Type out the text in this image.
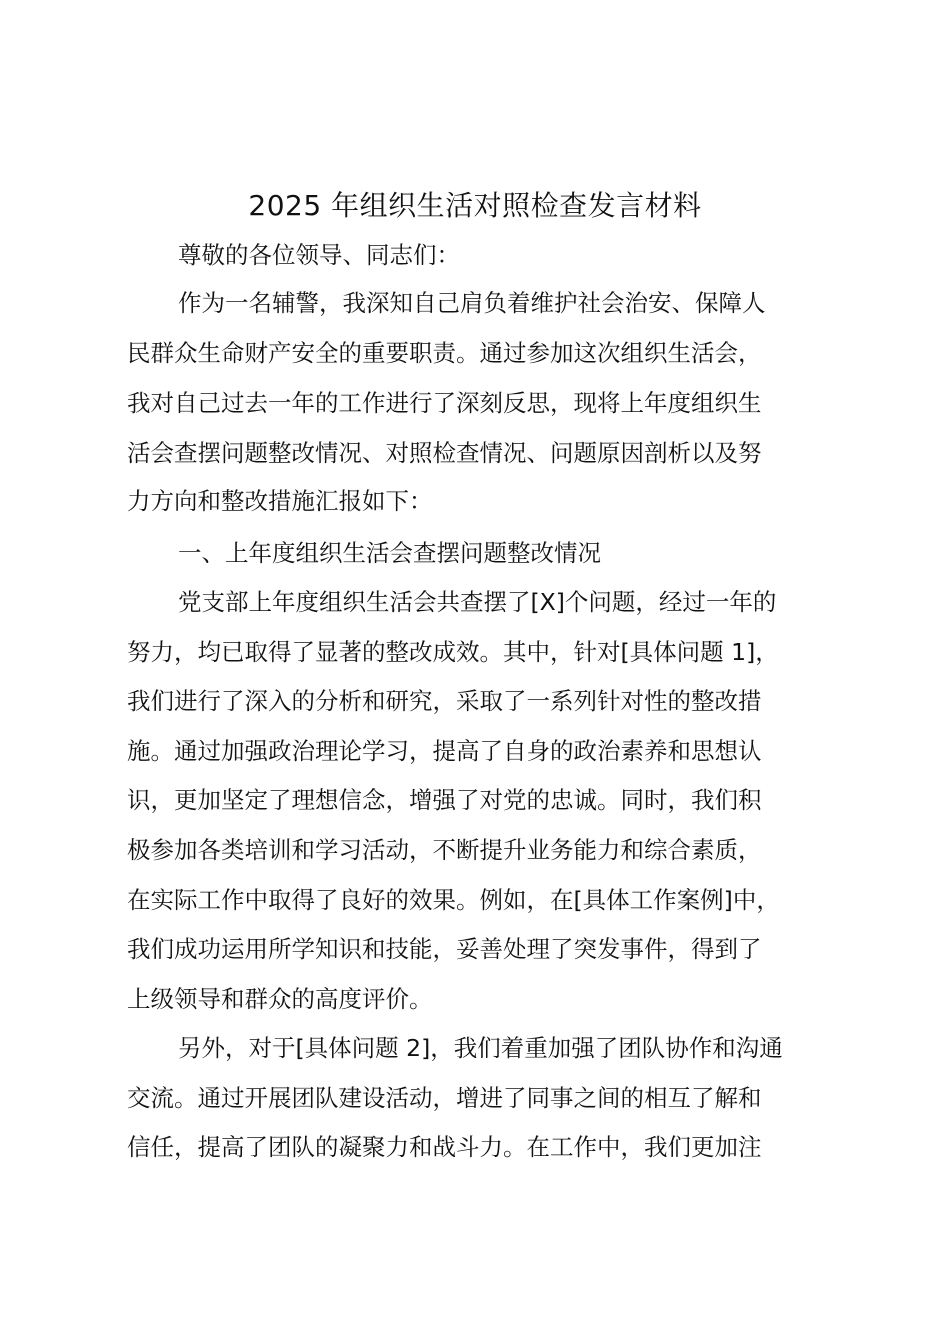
2025 年组织生活对照检查发言材料

尊敬的各位领导、同志们：

作为一名辅警，我深知自己肩负着维护社会治安、保障人

民群众生命财产安全的重要职责。通过参加这次组织生活会，

我对自己过去一年的工作进行了深刻反思，现将上年度组织生

活会查摆问题整改情况、对照检查情况、问题原因剖析以及努

力方向和整改措施汇报如下：

一、上年度组织生活会查摆问题整改情况

党支部上年度组织生活会共查摆了[X]个问题，经过一年的

努力，均已取得了显著的整改成效。其中，针对[具体问题 1]，

我们进行了深入的分析和研究，采取了一系列针对性的整改措

施。通过加强政治理论学习，提高了自身的政治素养和思想认

识，更加坚定了理想信念，增强了对党的忠诚。同时，我们积

极参加各类培训和学习活动，不断提升业务能力和综合素质，

在实际工作中取得了良好的效果。例如，在[具体工作案例]中，

我们成功运用所学知识和技能，妥善处理了突发事件，得到了

上级领导和群众的高度评价。

另外，对于[具体问题 2]，我们着重加强了团队协作和沟通

交流。通过开展团队建设活动，增进了同事之间的相互了解和

信任，提高了团队的凝聚力和战斗力。在工作中，我们更加注
